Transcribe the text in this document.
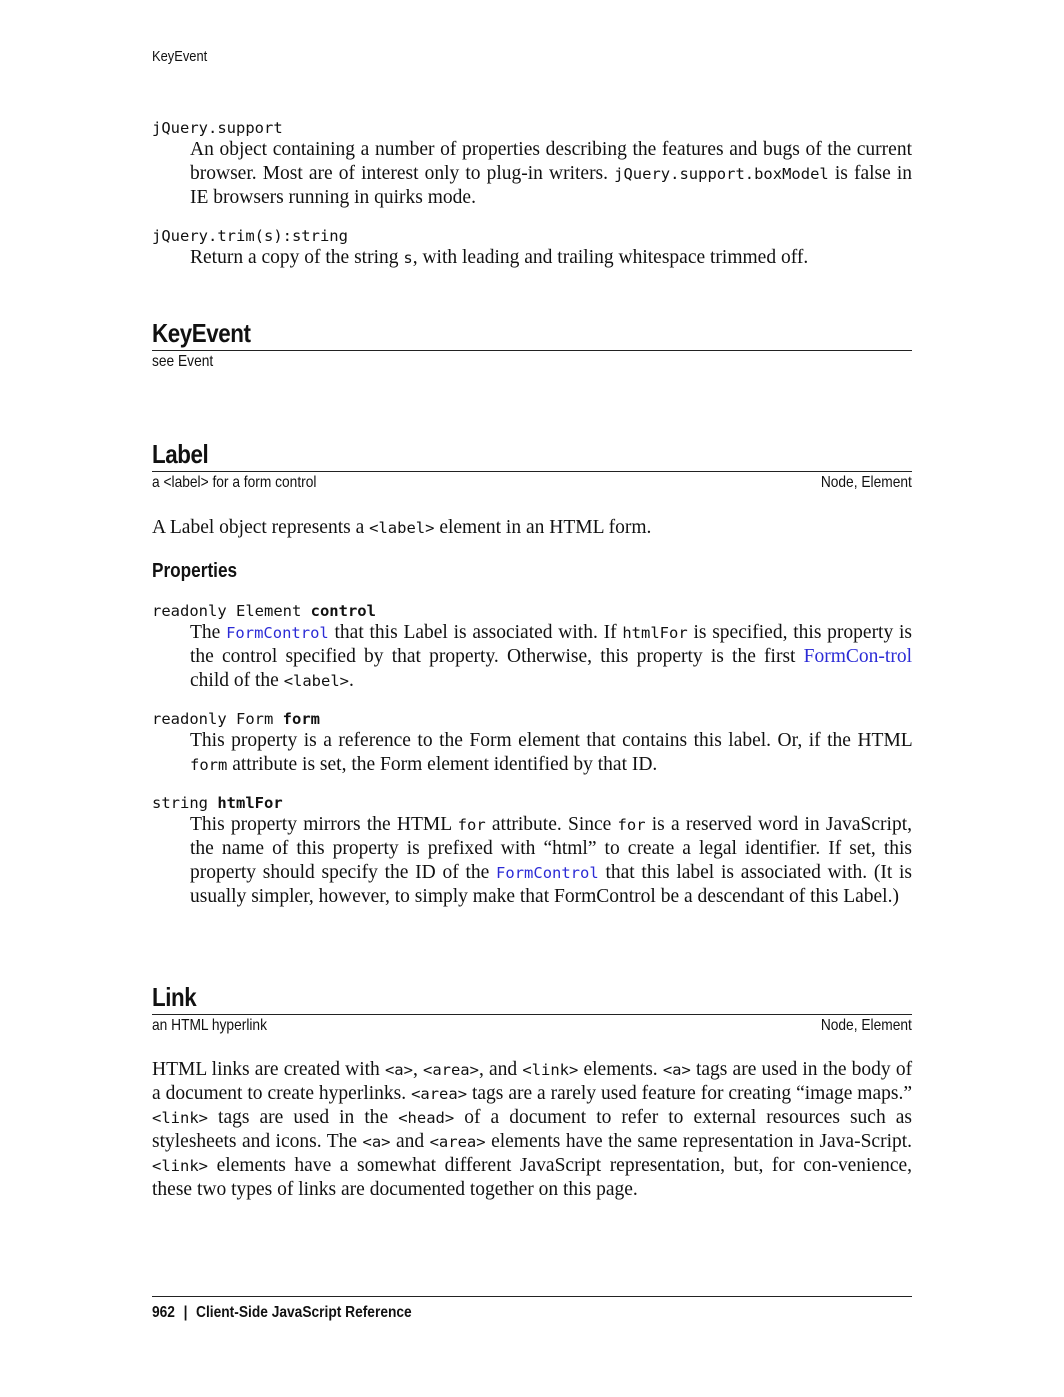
KeyEvent
jQuery.support
An object containing a number of properties describing the features and bugs of the current browser. Most are of interest only to plug-in writers. jQuery.support.boxModel is false in IE browsers running in quirks mode.
jQuery.trim(s):string
Return a copy of the string s, with leading and trailing whitespace trimmed off.
KeyEvent
see Event
Label
a <label> for a form control	Node, Element
A Label object represents a <label> element in an HTML form.
Properties
readonly Element control
The FormControl that this Label is associated with. If htmlFor is specified, this property is the control specified by that property. Otherwise, this property is the first FormCon-trol child of the <label>.
readonly Form form
This property is a reference to the Form element that contains this label. Or, if the HTML form attribute is set, the Form element identified by that ID.
string htmlFor
This property mirrors the HTML for attribute. Since for is a reserved word in JavaScript, the name of this property is prefixed with “html” to create a legal identifier. If set, this property should specify the ID of the FormControl that this label is associated with. (It is usually simpler, however, to simply make that FormControl be a descendant of this Label.)
Link
an HTML hyperlink	Node, Element
HTML links are created with <a>, <area>, and <link> elements. <a> tags are used in the body of a document to create hyperlinks. <area> tags are a rarely used feature for creating “image maps.” <link> tags are used in the <head> of a document to refer to external resources such as stylesheets and icons. The <a> and <area> elements have the same representation in Java-Script. <link> elements have a somewhat different JavaScript representation, but, for con-venience, these two types of links are documented together on this page.
962 | Client-Side JavaScript Reference
